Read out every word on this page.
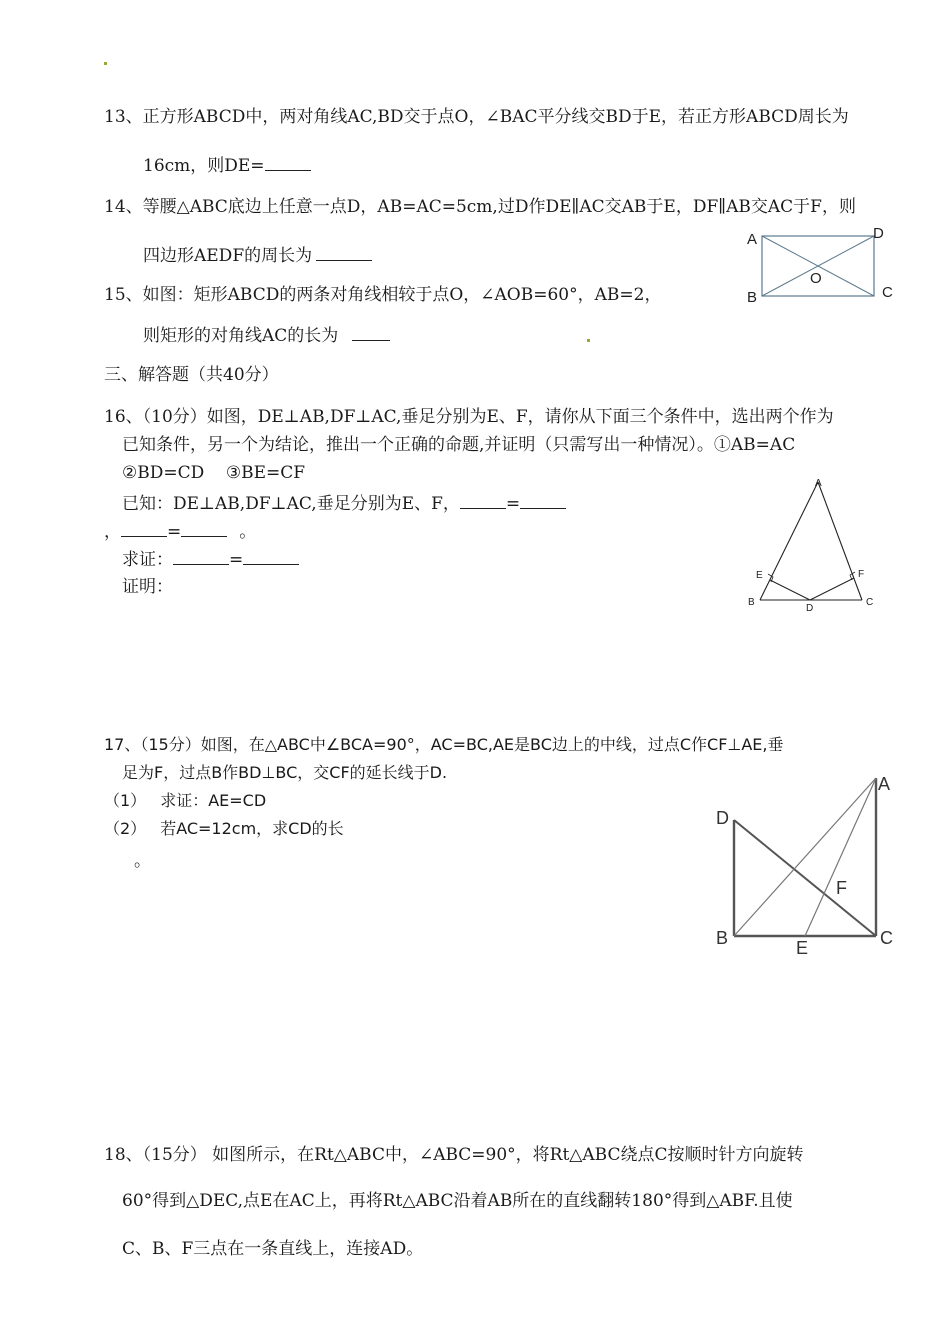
13、正方形ABCD中，两对角线AC,BD交于点O，∠BAC平分线交BD于E，若正方形ABCD周长为
16cm，则DE=
14、等腰△ABC底边上任意一点D，AB=AC=5cm,过D作DE∥AC交AB于E，DF∥AB交AC于F，则
四边形AEDF的周长为
15、如图：矩形ABCD的两条对角线相较于点O，∠AOB=60°，AB=2，
则矩形的对角线AC的长为
A	D
O
B	C
三、解答题（共40分）
16、（10分）如图，DE⊥AB,DF⊥AC,垂足分别为E、F，请你从下面三个条件中，选出两个作为
已知条件，另一个为结论，推出一个正确的命题,并证明（只需写出一种情况）。①AB=AC
②BD=CD    ③BE=CF
已知：DE⊥AB,DF⊥AC,垂足分别为E、F，	=
，	=	。
求证：	=
证明：
A
E	F
B
D
C
17、（15分）如图，在△ABC中∠BCA=90°，AC=BC,AE是BC边上的中线，过点C作CF⊥AE,垂
足为F，过点B作BD⊥BC，交CF的延长线于D.
（1） 求证：AE=CD
（2） 若AC=12cm，求CD的长
。
A
D
F
B	E	C
18、（15分） 如图所示，在Rt△ABC中，∠ABC=90°，将Rt△ABC绕点C按顺时针方向旋转
60°得到△DEC,点E在AC上，再将Rt△ABC沿着AB所在的直线翻转180°得到△ABF.且使
C、B、F三点在一条直线上，连接AD。
